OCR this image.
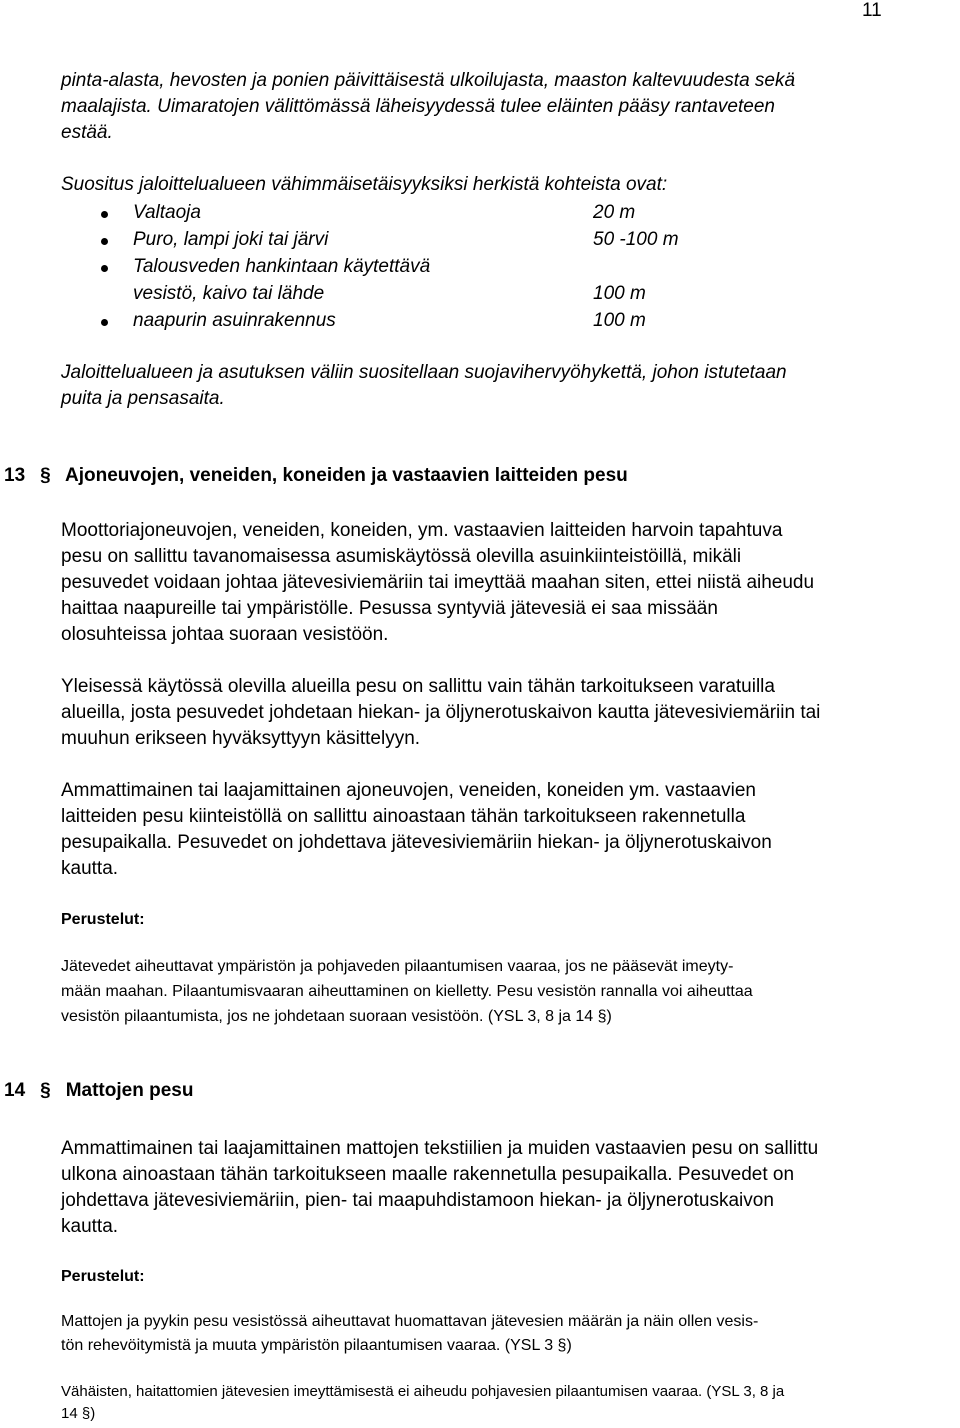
11
pinta-alasta, hevosten ja ponien päivittäisestä ulkoilujasta, maaston kaltevuudesta sekä
maalajista. Uimaratojen välittömässä läheisyydessä tulee eläinten pääsy rantaveteen
estää.
Suositus jaloittelualueen vähimmäisetäisyyksiksi herkistä kohteista ovat:
Valtaoja	20 m
Puro, lampi joki tai järvi	50 -100 m
Talousveden hankintaan käytettävä
vesistö, kaivo tai lähde	100 m
naapurin asuinrakennus	100 m
Jaloittelualueen ja asutuksen väliin suositellaan suojavihervyöhykettä, johon istutetaan
puita ja pensasaita.
13 § Ajoneuvojen, veneiden, koneiden ja vastaavien laitteiden pesu
Moottoriajoneuvojen, veneiden, koneiden, ym. vastaavien laitteiden harvoin tapahtuva
pesu on sallittu tavanomaisessa asumiskäytössä olevilla asuinkiinteistöillä, mikäli
pesuvedet voidaan johtaa jätevesiviemäriin tai imeyttää maahan siten, ettei niistä aiheudu
haittaa naapureille tai ympäristölle. Pesussa syntyviä jätevesiä ei saa missään
olosuhteissa johtaa suoraan vesistöön.
Yleisessä käytössä olevilla alueilla pesu on sallittu vain tähän tarkoitukseen varatuilla
alueilla, josta pesuvedet johdetaan hiekan- ja öljynerotuskaivon kautta jätevesiviemäriin tai
muuhun erikseen hyväksyttyyn käsittelyyn.
Ammattimainen tai laajamittainen ajoneuvojen, veneiden, koneiden ym. vastaavien
laitteiden pesu kiinteistöllä on sallittu ainoastaan tähän tarkoitukseen rakennetulla
pesupaikalla. Pesuvedet on johdettava jätevesiviemäriin hiekan- ja öljynerotuskaivon
kautta.
Perustelut:
Jätevedet aiheuttavat ympäristön ja pohjaveden pilaantumisen vaaraa, jos ne pääsevät imeyty-
mään maahan. Pilaantumisvaaran aiheuttaminen on kielletty. Pesu vesistön rannalla voi aiheuttaa
vesistön pilaantumista, jos ne johdetaan suoraan vesistöön. (YSL 3, 8 ja 14 §)
14 § Mattojen pesu
Ammattimainen tai laajamittainen mattojen tekstiilien ja muiden vastaavien pesu on sallittu
ulkona ainoastaan tähän tarkoitukseen maalle rakennetulla pesupaikalla. Pesuvedet on
johdettava jätevesiviemäriin, pien- tai maapuhdistamoon hiekan- ja öljynerotuskaivon
kautta.
Perustelut:
Mattojen ja pyykin pesu vesistössä aiheuttavat huomattavan jätevesien määrän ja näin ollen vesis-
tön rehevöitymistä ja muuta ympäristön pilaantumisen vaaraa. (YSL 3 §)
Vähäisten, haitattomien jätevesien imeyttämisestä ei aiheudu pohjavesien pilaantumisen vaaraa. (YSL 3, 8 ja
14 §)
